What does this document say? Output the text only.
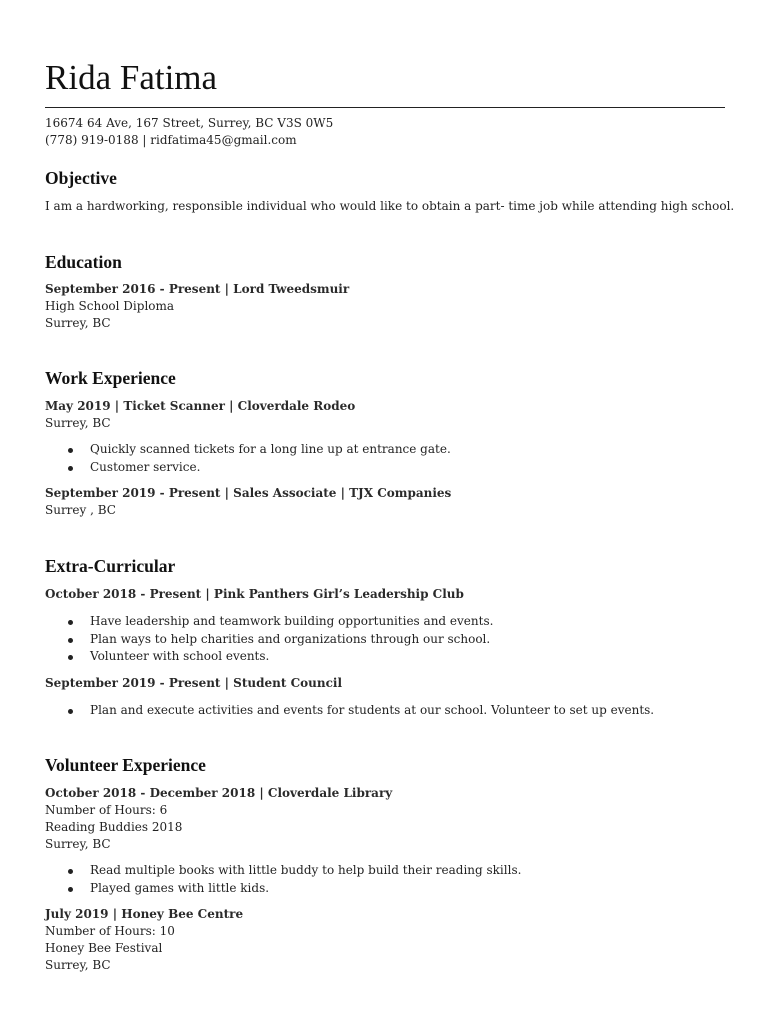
Rida Fatima
16674 64 Ave, 167 Street, Surrey, BC V3S 0W5
(778) 919-0188 | ridfatima45@gmail.com
Objective
I am a hardworking, responsible individual who would like to obtain a part- time job while attending high school.
Education
September 2016 - Present | Lord Tweedsmuir
High School Diploma
Surrey, BC
Work Experience
May 2019 | Ticket Scanner | Cloverdale Rodeo
Surrey, BC
Quickly scanned tickets for a long line up at entrance gate.
Customer service.
September 2019 - Present | Sales Associate | TJX Companies
Surrey , BC
Extra-Curricular
October 2018 - Present | Pink Panthers Girl’s Leadership Club
Have leadership and teamwork building opportunities and events.
Plan ways to help charities and organizations through our school.
Volunteer with school events.
September 2019 - Present | Student Council
Plan and execute activities and events for students at our school. Volunteer to set up events.
Volunteer Experience
October 2018 - December 2018 | Cloverdale Library
Number of Hours: 6
Reading Buddies 2018
Surrey, BC
Read multiple books with little buddy to help build their reading skills.
Played games with little kids.
July 2019 | Honey Bee Centre
Number of Hours: 10
Honey Bee Festival
Surrey, BC
